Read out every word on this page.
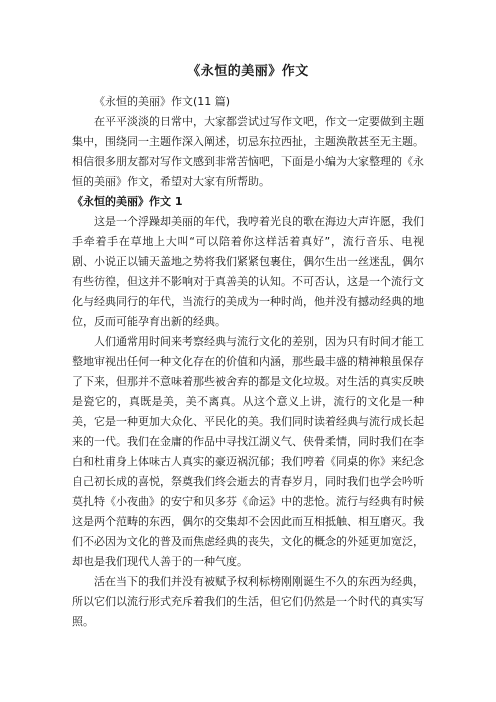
《永恒的美丽》作文

《永恒的美丽》作文(11 篇)

在平平淡淡的日常中，大家都尝试过写作文吧，作文一定要做到主题集中，围绕同一主题作深入阐述，切忌东拉西扯，主题涣散甚至无主题。相信很多朋友都对写作文感到非常苦恼吧，下面是小编为大家整理的《永恒的美丽》作文，希望对大家有所帮助。

《永恒的美丽》作文 1

这是一个浮躁却美丽的年代，我哼着光良的歌在海边大声许愿，我们手牵着手在草地上大叫“可以陪着你这样活着真好”，流行音乐、电视剧、小说正以铺天盖地之势将我们紧紧包裹住，偶尔生出一丝迷乱，偶尔有些彷徨，但这并不影响对于真善美的认知。不可否认，这是一个流行文化与经典同行的年代，当流行的美成为一种时尚，他并没有撼动经典的地位，反而可能孕育出新的经典。

人们通常用时间来考察经典与流行文化的差别，因为只有时间才能工整地审视出任何一种文化存在的价值和内涵，那些最丰盛的精神粮虽保存了下来，但那并不意味着那些被舍弃的都是文化垃圾。对生活的真实反映是瓷它的，真既是美，美不离真。从这个意义上讲，流行的文化是一种美，它是一种更加大众化、平民化的美。我们同时读着经典与流行成长起来的一代。我们在金庸的作品中寻找江湖义气、侠骨柔情，同时我们在李白和杜甫身上体味古人真实的豪迈祸沉郁；我们哼着《同桌的你》来纪念自己初长成的喜悦，祭奠我们终会逝去的青春岁月，同时我们也学会吟听莫扎特《小夜曲》的安宁和贝多芬《命运》中的悲怆。流行与经典有时候这是两个范畴的东西，偶尔的交集却不会因此而互相抵触、相互磨灭。我们不必因为文化的普及而焦虑经典的丧失，文化的概念的外延更加宽泛，却也是我们现代人善于的一种气度。

活在当下的我们并没有被赋予权利标榜刚刚诞生不久的东西为经典，所以它们以流行形式充斥着我们的生活，但它们仍然是一个时代的真实写照。
